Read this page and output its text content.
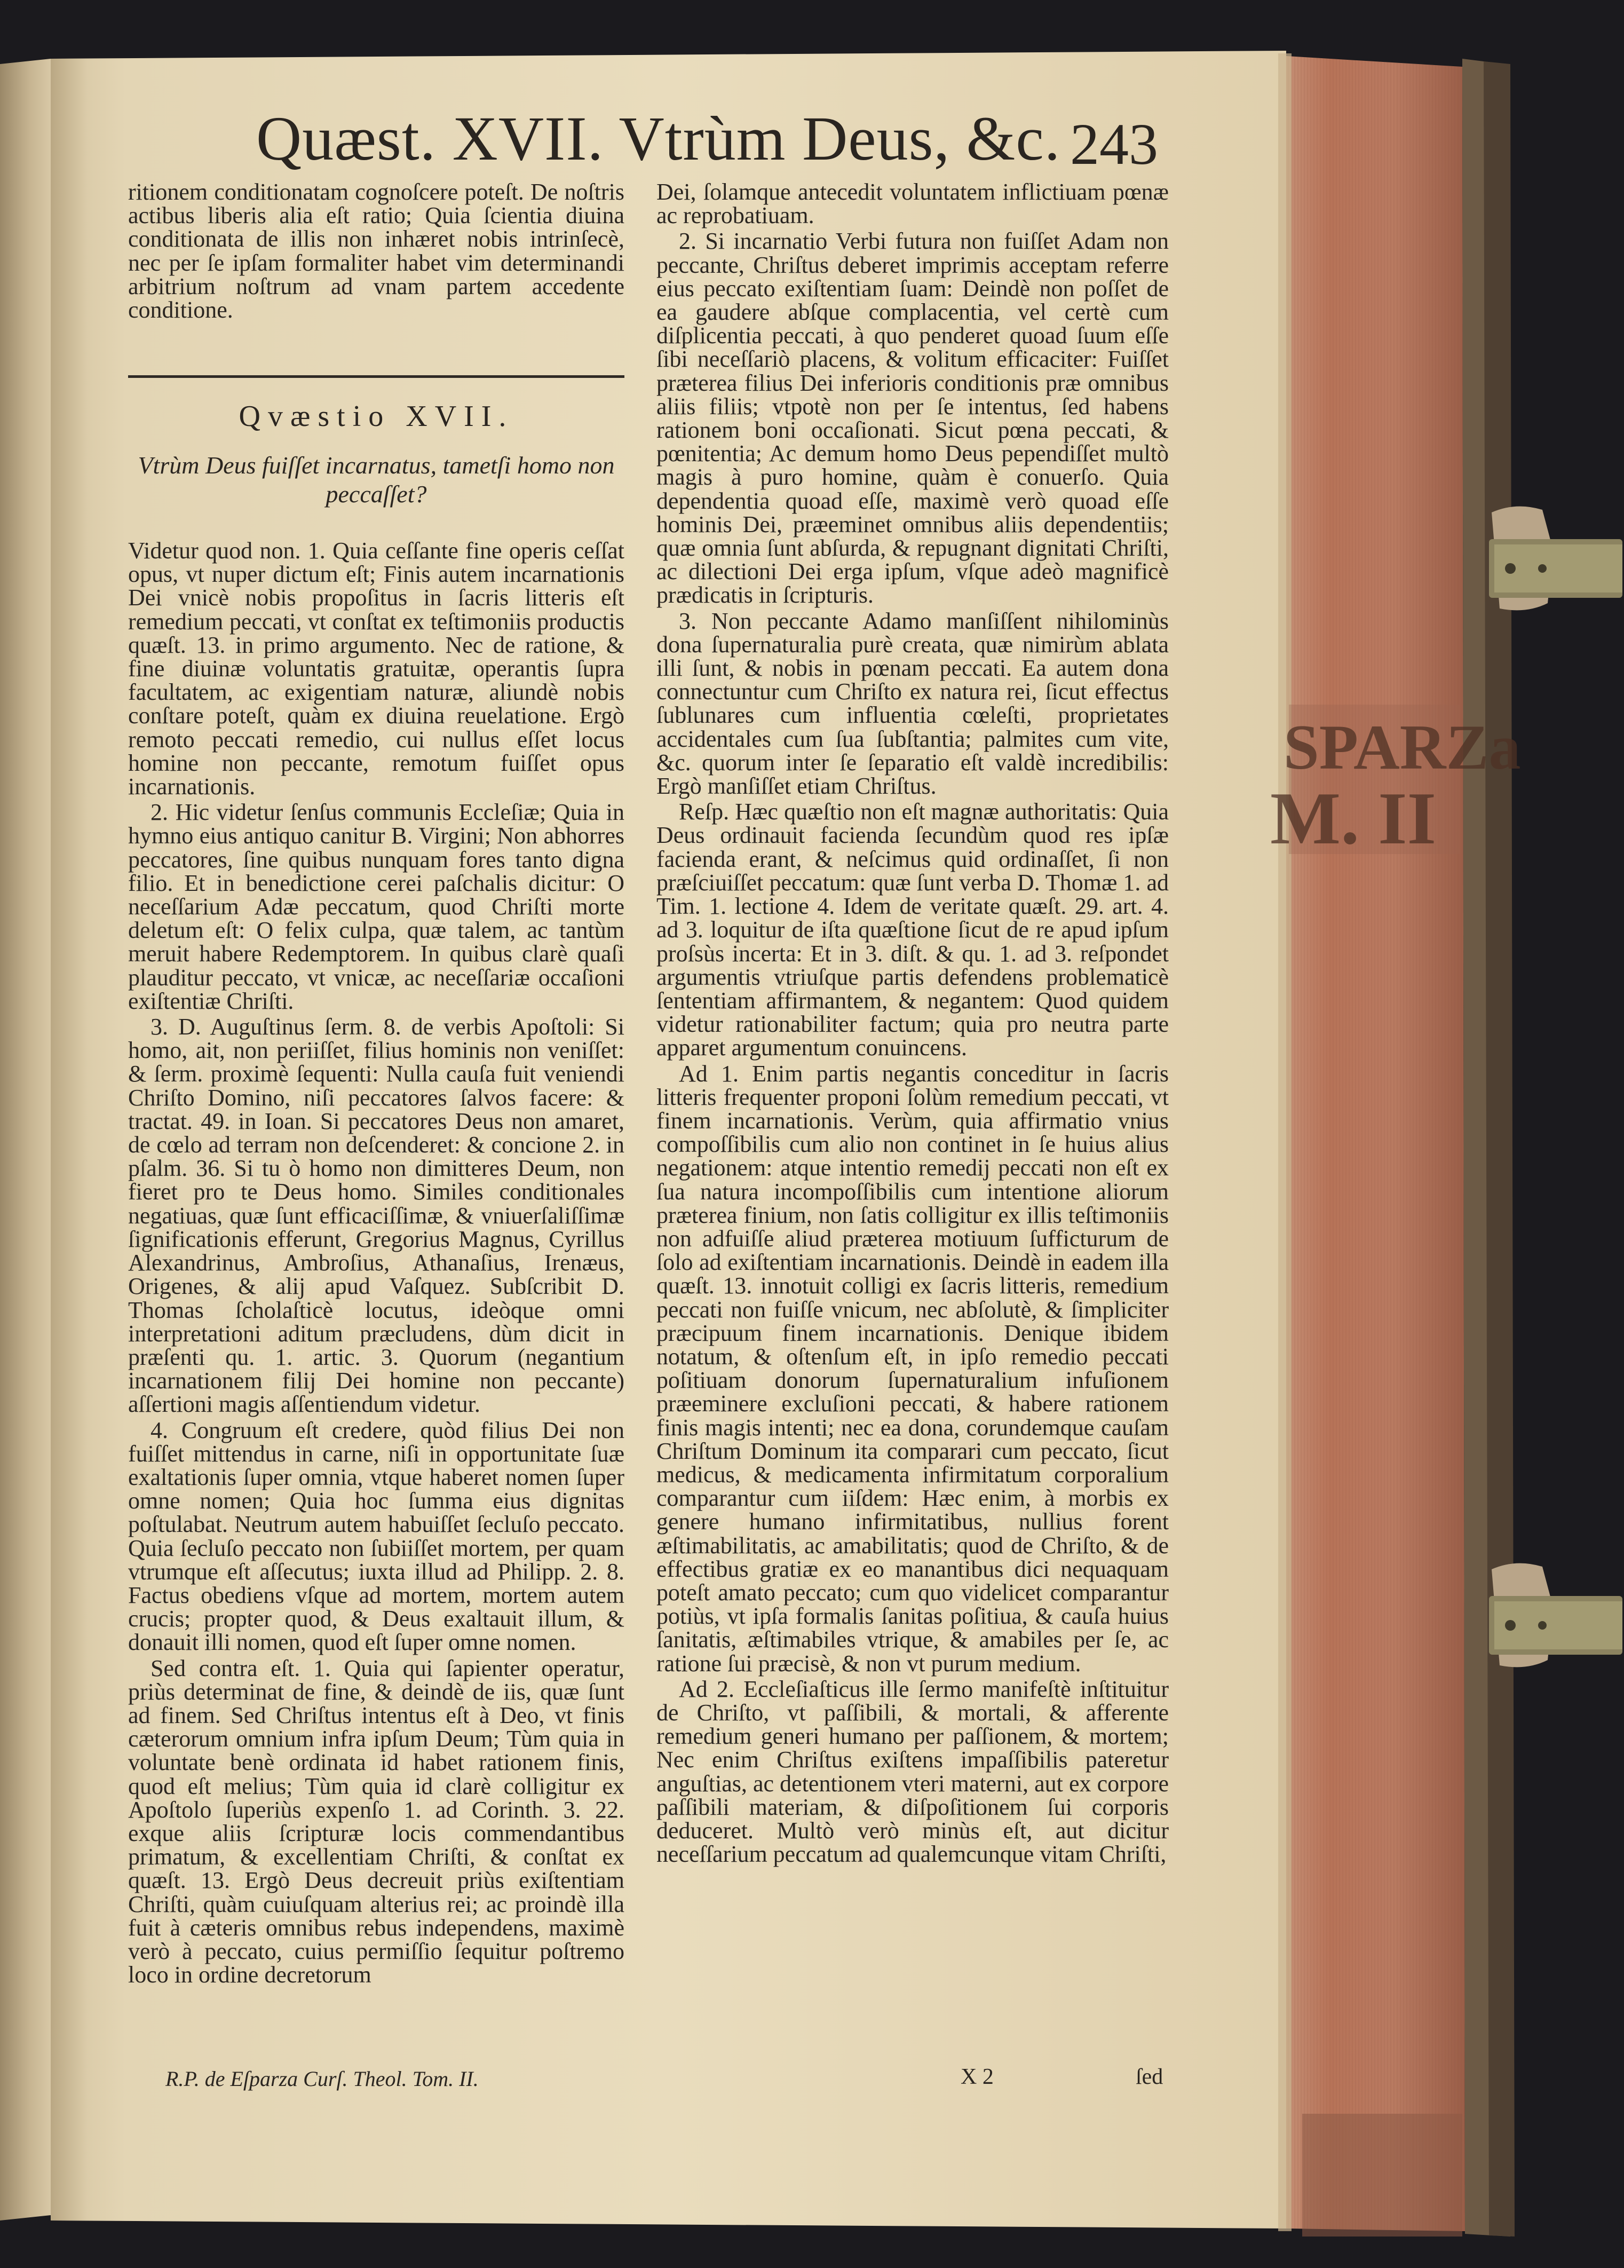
SPARZa
M. II
Quæst. XVII. Vtrùm Deus, &c. 243

ritionem conditionatam cognoſcere poteſt. De noſtris actibus liberis alia eſt ratio; Quia ſcientia diuina conditionata de illis non inhæret nobis intrinſecè, nec per ſe ipſam formaliter habet vim determinandi arbitrium noſtrum ad vnam partem accedente conditione.

Qvæstio XVII.
Vtrùm Deus fuiſſet incarnatus, tametſi homo non peccaſſet?

Videtur quod non. 1. Quia ceſſante fine operis ceſſat opus, vt nuper dictum eſt; Finis autem incarnationis Dei vnicè nobis propoſitus in ſacris litteris eſt remedium peccati, vt conſtat ex teſtimoniis productis quæſt. 13. in primo argumento. Nec de ratione, & fine diuinæ voluntatis gratuitæ, operantis ſupra facultatem, ac exigentiam naturæ, aliundè nobis conſtare poteſt, quàm ex diuina reuelatione. Ergò remoto peccati remedio, cui nullus eſſet locus homine non peccante, remotum fuiſſet opus incarnationis.

2. Hic videtur ſenſus communis Eccleſiæ; Quia in hymno eius antiquo canitur B. Virgini; Non abhorres peccatores, ſine quibus nunquam fores tanto digna filio. Et in benedictione cerei paſchalis dicitur: O neceſſarium Adæ peccatum, quod Chriſti morte deletum eſt: O felix culpa, quæ talem, ac tantùm meruit habere Redemptorem. In quibus clarè quaſi plauditur peccato, vt vnicæ, ac neceſſariæ occaſioni exiſtentiæ Chriſti.

3. D. Auguſtinus ſerm. 8. de verbis Apoſtoli: Si homo, ait, non periiſſet, filius hominis non veniſſet: & ſerm. proximè ſequenti: Nulla cauſa fuit veniendi Chriſto Domino, niſi peccatores ſalvos facere: & tractat. 49. in Ioan. Si peccatores Deus non amaret, de cœlo ad terram non deſcenderet: & concione 2. in pſalm. 36. Si tu ò homo non dimitteres Deum, non fieret pro te Deus homo. Similes conditionales negatiuas, quæ ſunt efficaciſſimæ, & vniuerſaliſſimæ ſignificationis efferunt, Gregorius Magnus, Cyrillus Alexandrinus, Ambroſius, Athanaſius, Irenæus, Origenes, & alij apud Vaſquez. Subſcribit D. Thomas ſcholaſticè locutus, ideòque omni interpretationi aditum præcludens, dùm dicit in præſenti qu. 1. artic. 3. Quorum (negantium incarnationem filij Dei homine non peccante) aſſertioni magis aſſentiendum videtur.

4. Congruum eſt credere, quòd filius Dei non fuiſſet mittendus in carne, niſi in opportunitate ſuæ exaltationis ſuper omnia, vtque haberet nomen ſuper omne nomen; Quia hoc ſumma eius dignitas poſtulabat. Neutrum autem habuiſſet ſecluſo peccato. Quia ſecluſo peccato non ſubiiſſet mortem, per quam vtrumque eſt aſſecutus; iuxta illud ad Philipp. 2. 8. Factus obediens vſque ad mortem, mortem autem crucis; propter quod, & Deus exaltauit illum, & donauit illi nomen, quod eſt ſuper omne nomen.

Sed contra eſt. 1. Quia qui ſapienter operatur, priùs determinat de fine, & deindè de iis, quæ ſunt ad finem. Sed Chriſtus intentus eſt à Deo, vt finis cæterorum omnium infra ipſum Deum; Tùm quia in voluntate benè ordinata id habet rationem finis, quod eſt melius; Tùm quia id clarè colligitur ex Apoſtolo ſuperiùs expenſo 1. ad Corinth. 3. 22. exque aliis ſcripturæ locis commendantibus primatum, & excellentiam Chriſti, & conſtat ex quæſt. 13. Ergò Deus decreuit priùs exiſtentiam Chriſti, quàm cuiuſquam alterius rei; ac proindè illa fuit à cæteris omnibus rebus independens, maximè verò à peccato, cuius permiſſio ſequitur poſtremo loco in ordine decretorum

Dei, ſolamque antecedit voluntatem inflictiuam pœnæ ac reprobatiuam.

2. Si incarnatio Verbi futura non fuiſſet Adam non peccante, Chriſtus deberet imprimis acceptam referre eius peccato exiſtentiam ſuam: Deindè non poſſet de ea gaudere abſque complacentia, vel certè cum diſplicentia peccati, à quo penderet quoad ſuum eſſe ſibi neceſſariò placens, & volitum efficaciter: Fuiſſet præterea filius Dei inferioris conditionis præ omnibus aliis filiis; vtpotè non per ſe intentus, ſed habens rationem boni occaſionati. Sicut pœna peccati, & pœnitentia; Ac demum homo Deus pependiſſet multò magis à puro homine, quàm è conuerſo. Quia dependentia quoad eſſe, maximè verò quoad eſſe hominis Dei, præeminet omnibus aliis dependentiis; quæ omnia ſunt abſurda, & repugnant dignitati Chriſti, ac dilectioni Dei erga ipſum, vſque adeò magnificè prædicatis in ſcripturis.

3. Non peccante Adamo manſiſſent nihilominùs dona ſupernaturalia purè creata, quæ nimirùm ablata illi ſunt, & nobis in pœnam peccati. Ea autem dona connectuntur cum Chriſto ex natura rei, ſicut effectus ſublunares cum influentia cœleſti, proprietates accidentales cum ſua ſubſtantia; palmites cum vite, &c. quorum inter ſe ſeparatio eſt valdè incredibilis: Ergò manſiſſet etiam Chriſtus.

Reſp. Hæc quæſtio non eſt magnæ authoritatis: Quia Deus ordinauit facienda ſecundùm quod res ipſæ facienda erant, & neſcimus quid ordinaſſet, ſi non præſciuiſſet peccatum: quæ ſunt verba D. Thomæ 1. ad Tim. 1. lectione 4. Idem de veritate quæſt. 29. art. 4. ad 3. loquitur de iſta quæſtione ſicut de re apud ipſum proſsùs incerta: Et in 3. diſt. & qu. 1. ad 3. reſpondet argumentis vtriuſque partis defendens problematicè ſententiam affirmantem, & negantem: Quod quidem videtur rationabiliter factum; quia pro neutra parte apparet argumentum conuincens.

Ad 1. Enim partis negantis conceditur in ſacris litteris frequenter proponi ſolùm remedium peccati, vt finem incarnationis. Verùm, quia affirmatio vnius compoſſibilis cum alio non continet in ſe huius alius negationem: atque intentio remedij peccati non eſt ex ſua natura incompoſſibilis cum intentione aliorum præterea finium, non ſatis colligitur ex illis teſtimoniis non adfuiſſe aliud præterea motiuum ſufficturum de ſolo ad exiſtentiam incarnationis. Deindè in eadem illa quæſt. 13. innotuit colligi ex ſacris litteris, remedium peccati non fuiſſe vnicum, nec abſolutè, & ſimpliciter præcipuum finem incarnationis. Denique ibidem notatum, & oſtenſum eſt, in ipſo remedio peccati poſitiuam donorum ſupernaturalium infuſionem præeminere excluſioni peccati, & habere rationem finis magis intenti; nec ea dona, corundemque cauſam Chriſtum Dominum ita comparari cum peccato, ſicut medicus, & medicamenta infirmitatum corporalium comparantur cum iiſdem: Hæc enim, à morbis ex genere humano infirmitatibus, nullius forent æſtimabilitatis, ac amabilitatis; quod de Chriſto, & de effectibus gratiæ ex eo manantibus dici nequaquam poteſt amato peccato; cum quo videlicet comparantur potiùs, vt ipſa formalis ſanitas poſitiua, & cauſa huius ſanitatis, æſtimabiles vtrique, & amabiles per ſe, ac ratione ſui præcisè, & non vt purum medium.

Ad 2. Eccleſiaſticus ille ſermo manifeſtè inſtituitur de Chriſto, vt paſſibili, & mortali, & afferente remedium generi humano per paſſionem, & mortem; Nec enim Chriſtus exiſtens impaſſibilis pateretur anguſtias, ac detentionem vteri materni, aut ex corpore paſſibili materiam, & diſpoſitionem ſui corporis deduceret. Multò verò minùs eſt, aut dicitur neceſſarium peccatum ad qualemcunque vitam Chriſti,

R.P. de Eſparza Curſ. Theol. Tom. II.	X 2	ſed
